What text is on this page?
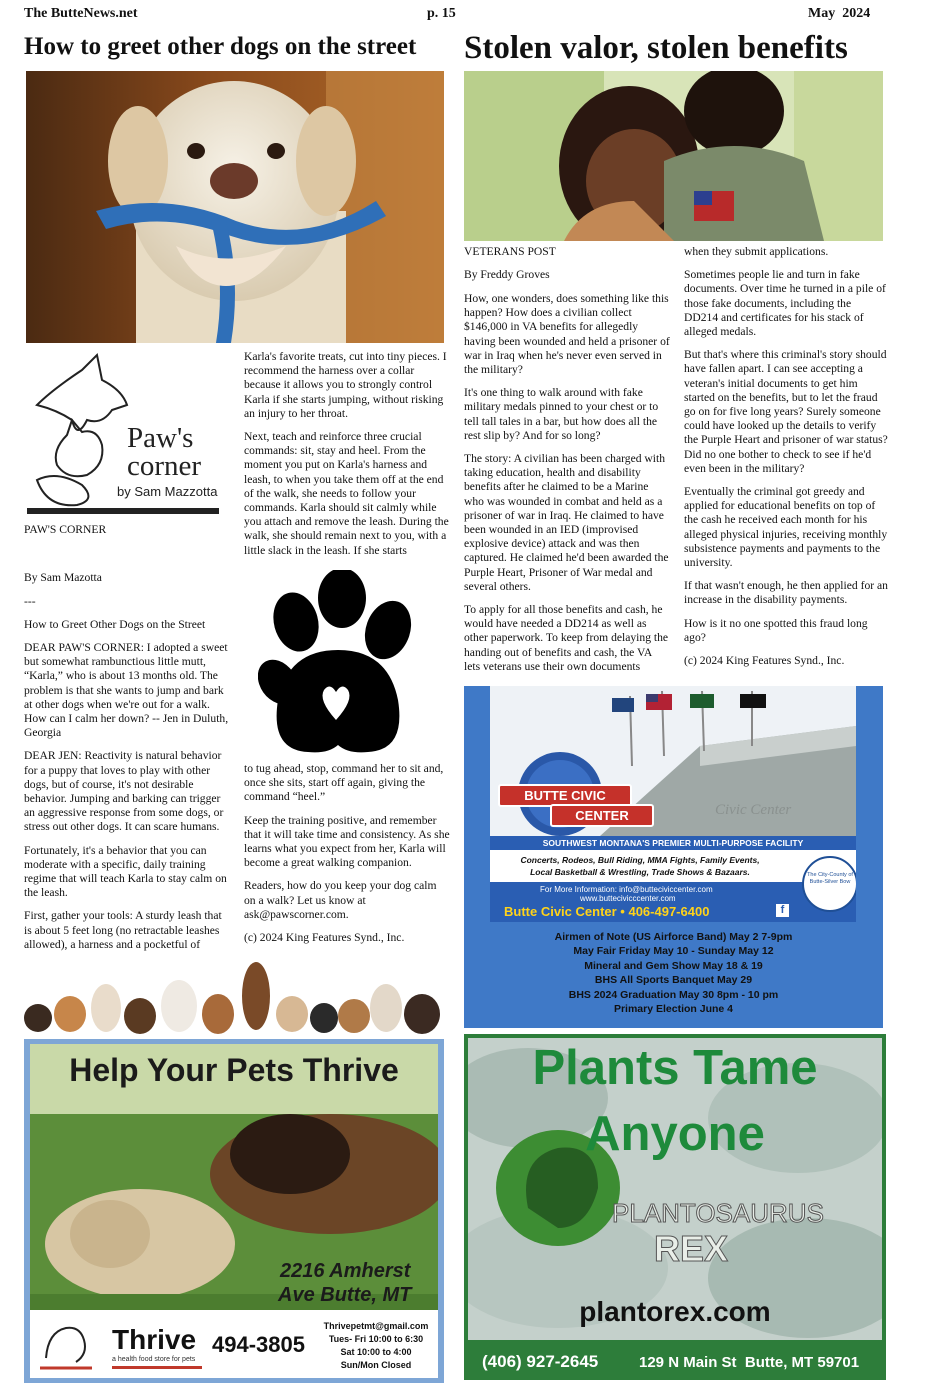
The ButteNews.net	p. 15	May  2024
How to greet other dogs on the street
Paw's
corner
by Sam Mazzotta
PAW'S CORNER
By Sam Mazotta
---
How to Greet Other Dogs on the Street

DEAR PAW'S CORNER: I adopted a sweet but somewhat rambunctious little mutt, “Karla,” who is about 13 months old. The problem is that she wants to jump and bark at other dogs when we're out for a walk. How can I calm her down? -- Jen in Duluth, Georgia

DEAR JEN: Reactivity is natural behavior for a puppy that loves to play with other dogs, but of course, it's not desirable behavior. Jumping and barking can trigger an aggressive response from some dogs, or stress out other dogs. It can scare humans.

Fortunately, it's a behavior that you can moderate with a specific, daily training regime that will teach Karla to stay calm on the leash.

First, gather your tools: A sturdy leash that is about 5 feet long (no retractable leashes allowed), a harness and a pocketful of

Karla's favorite treats, cut into tiny pieces. I recommend the harness over a collar because it allows you to strongly control Karla if she starts jumping, without risking an injury to her throat.

Next, teach and reinforce three crucial commands: sit, stay and heel. From the moment you put on Karla's harness and leash, to when you take them off at the end of the walk, she needs to follow your commands. Karla should sit calmly while you attach and remove the leash. During the walk, she should remain next to you, with a little slack in the leash. If she starts

to tug ahead, stop, command her to sit and, once she sits, start off again, giving the command “heel.”

Keep the training positive, and remember that it will take time and consistency. As she learns what you expect from her, Karla will become a great walking companion.

Readers, how do you keep your dog calm on a walk? Let us know at ask@pawscorner.com.

(c) 2024 King Features Synd., Inc.

Help Your Pets Thrive
2216 Amherst
Ave Butte, MT
Thrive
a health food store for pets
494-3805
Thrivepetmt@gmail.com
Tues- Fri 10:00 to 6:30
Sat 10:00 to 4:00
Sun/Mon Closed
Stolen valor, stolen benefits
VETERANS POST
By Freddy Groves

How, one wonders, does something like this happen? How does a civilian collect $146,000 in VA benefits for allegedly having been wounded and held a prisoner of war in Iraq when he's never even served in the military?

It's one thing to walk around with fake military medals pinned to your chest or to tell tall tales in a bar, but how does all the rest slip by? And for so long?

The story: A civilian has been charged with taking education, health and disability benefits after he claimed to be a Marine who was wounded in combat and held as a prisoner of war in Iraq. He claimed to have been wounded in an IED (improvised explosive device) attack and was then captured. He claimed he'd been awarded the Purple Heart, Prisoner of War medal and several others.

To apply for all those benefits and cash, he would have needed a DD214 as well as other paperwork. To keep from delaying the handing out of benefits and cash, the VA lets veterans use their own documents

when they submit applications.

Sometimes people lie and turn in fake documents. Over time he turned in a pile of those fake documents, including the DD214 and certificates for his stack of alleged medals.

But that's where this criminal's story should have fallen apart. I can see accepting a veteran's initial documents to get him started on the benefits, but to let the fraud go on for five long years? Surely someone could have looked up the details to verify the Purple Heart and prisoner of war status? Did no one bother to check to see if he'd even been in the military?

Eventually the criminal got greedy and applied for educational benefits on top of the cash he received each month for his alleged physical injuries, receiving monthly subsistence payments and payments to the university.

If that wasn't enough, he then applied for an increase in the disability payments.

How is it no one spotted this fraud long ago?

(c) 2024 King Features Synd., Inc.

BUTTE CIVIC
CENTER	Civic Center
SOUTHWEST MONTANA'S PREMIER MULTI-PURPOSE FACILITY
Concerts, Rodeos, Bull Riding, MMA Fights, Family Events,
Local Basketball & Wrestling, Trade Shows & Bazaars.
For More Information: info@butteciviccenter.com
www.buttecivicccenter.com
Butte Civic Center • 406-497-6400	f
The City-County of Butte-Silver Bow
Airmen of Note (US Airforce Band) May 2 7-9pm
May Fair Friday May 10 - Sunday May 12
Mineral and Gem Show May 18 & 19
BHS All Sports Banquet May 29
BHS 2024 Graduation May 30 8pm - 10 pm
Primary Election June 4
Plants Tame
Anyone
PLANTOSAURUS
REX
plantorex.com
(406) 927-2645	129 N Main St  Butte, MT 59701
